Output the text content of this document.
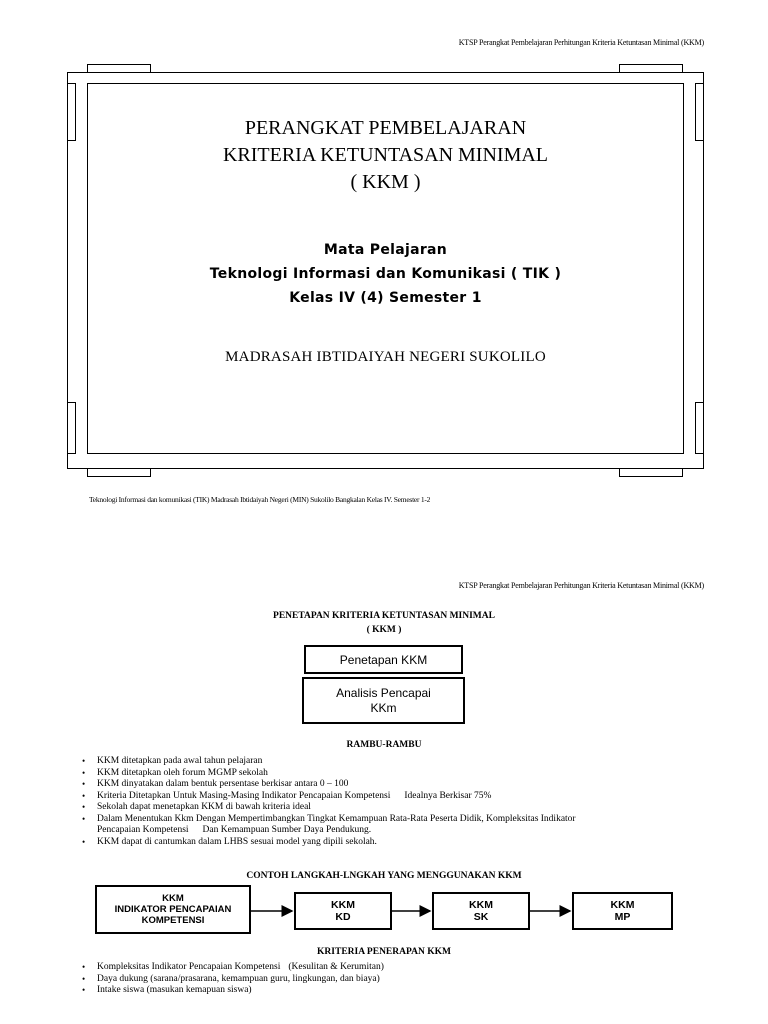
KTSP Perangkat Pembelajaran Perhitungan Kriteria Ketuntasan Minimal (KKM)
PERANGKAT PEMBELAJARAN
KRITERIA KETUNTASAN MINIMAL
( KKM )
Mata Pelajaran
Teknologi Informasi dan Komunikasi ( TIK )
Kelas IV (4) Semester 1
MADRASAH IBTIDAIYAH NEGERI SUKOLILO
Teknologi Informasi dan komunikasi (TIK) Madrasah Ibtidaiyah Negeri (MIN) Sukolilo Bangkalan Kelas IV. Semester 1-2
KTSP Perangkat Pembelajaran Perhitungan Kriteria Ketuntasan Minimal (KKM)
PENETAPAN KRITERIA KETUNTASAN MINIMAL
( KKM )
Penetapan KKM
Analisis Pencapai
KKm
RAMBU-RAMBU
• KKM ditetapkan pada awal tahun pelajaran
• KKM ditetapkan oleh forum MGMP sekolah
• KKM dinyatakan dalam bentuk persentase berkisar antara 0 – 100
• Kriteria Ditetapkan Untuk Masing-Masing Indikator Pencapaian Kompetensi Idealnya Berkisar 75%
• Sekolah dapat menetapkan KKM di bawah kriteria ideal
• Dalam Menentukan Kkm Dengan Mempertimbangkan Tingkat Kemampuan Rata-Rata Peserta Didik, Kompleksitas Indikator
Pencapaian Kompetensi Dan Kemampuan Sumber Daya Pendukung.
• KKM dapat di cantumkan dalam LHBS sesuai model yang dipili sekolah.
CONTOH LANGKAH-LNGKAH YANG MENGGUNAKAN KKM
KKM
INDIKATOR PENCAPAIAN
KOMPETENSI
KKM
KD
KKM
SK
KKM
MP
KRITERIA PENERAPAN KKM
• Kompleksitas Indikator Pencapaian Kompetensi (Kesulitan & Kerumitan)
• Daya dukung (sarana/prasarana, kemampuan guru, lingkungan, dan biaya)
• Intake siswa (masukan kemapuan siswa)
